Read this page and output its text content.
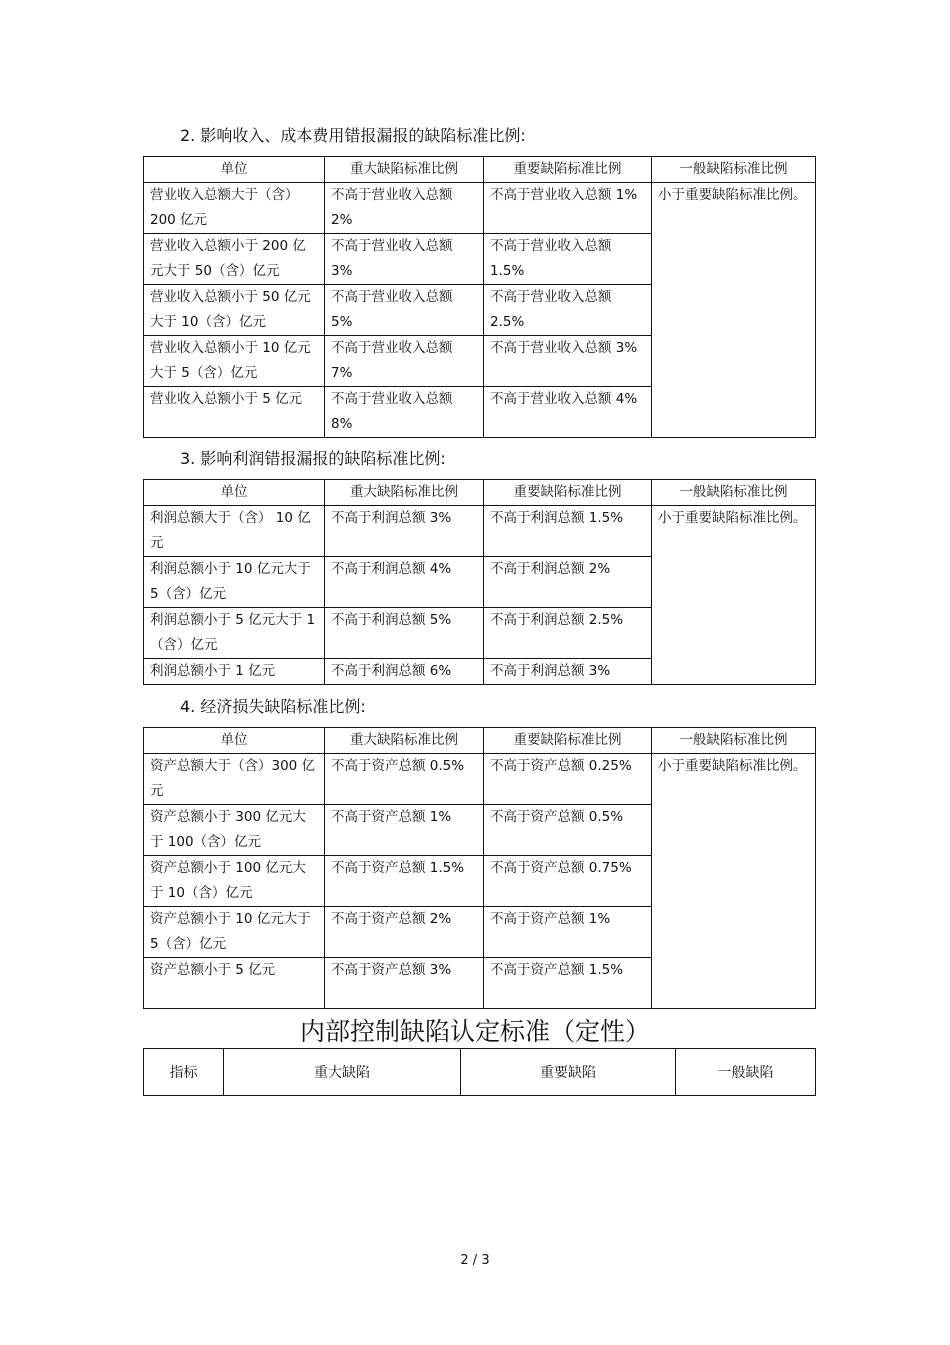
2. 影响收入、成本费用错报漏报的缺陷标准比例:
单位	重大缺陷标准比例	重要缺陷标准比例	一般缺陷标准比例
营业收入总额大于（含） 200 亿元	不高于营业收入总额 2%	不高于营业收入总额 1%	小于重要缺陷标准比例。
营业收入总额小于 200 亿元大于 50（含）亿元	不高于营业收入总额 3%	不高于营业收入总额 1.5%	
营业收入总额小于 50 亿元大于 10（含）亿元	不高于营业收入总额 5%	不高于营业收入总额 2.5%	
营业收入总额小于 10 亿元大于 5（含）亿元	不高于营业收入总额 7%	不高于营业收入总额 3%	
营业收入总额小于 5 亿元	不高于营业收入总额 8%	不高于营业收入总额 4%	
3. 影响利润错报漏报的缺陷标准比例:
单位	重大缺陷标准比例	重要缺陷标准比例	一般缺陷标准比例
利润总额大于（含） 10 亿元	不高于利润总额 3%	不高于利润总额 1.5%	小于重要缺陷标准比例。
利润总额小于 10 亿元大于 5（含）亿元	不高于利润总额 4%	不高于利润总额 2%	
利润总额小于 5 亿元大于 1（含）亿元	不高于利润总额 5%	不高于利润总额 2.5%	
利润总额小于 1 亿元	不高于利润总额 6%	不高于利润总额 3%	
4. 经济损失缺陷标准比例:
单位	重大缺陷标准比例	重要缺陷标准比例	一般缺陷标准比例
资产总额大于（含）300 亿元	不高于资产总额 0.5%	不高于资产总额 0.25%	小于重要缺陷标准比例。
资产总额小于 300 亿元大于 100（含）亿元	不高于资产总额 1%	不高于资产总额 0.5%	
资产总额小于 100 亿元大于 10（含）亿元	不高于资产总额 1.5%	不高于资产总额 0.75%	
资产总额小于 10 亿元大于 5（含）亿元	不高于资产总额 2%	不高于资产总额 1%	
资产总额小于 5 亿元	不高于资产总额 3%	不高于资产总额 1.5%	
内部控制缺陷认定标准（定性）
指标	重大缺陷	重要缺陷	一般缺陷
2 / 3
